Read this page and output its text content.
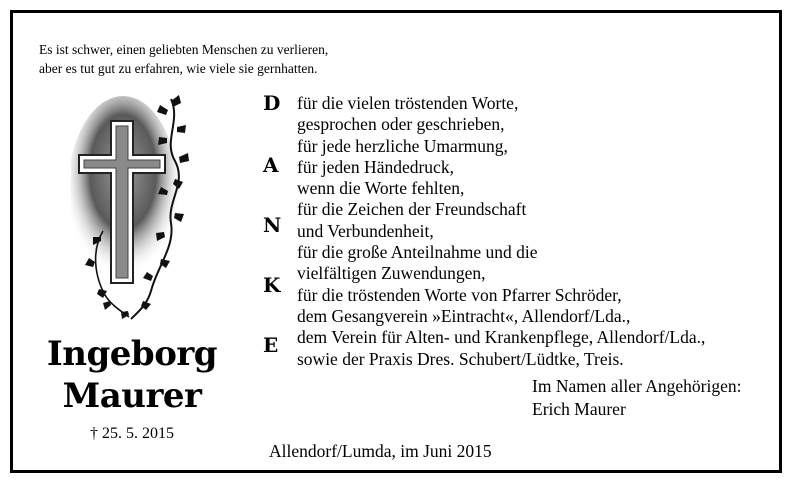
Es ist schwer, einen geliebten Menschen zu verlieren,
aber es tut gut zu erfahren, wie viele sie gernhatten.
Ingeborg
Maurer
† 25. 5. 2015
D
A
N
K
E
für die vielen tröstenden Worte,
gesprochen oder geschrieben,
für jede herzliche Umarmung,
für jeden Händedruck,
wenn die Worte fehlten,
für die Zeichen der Freundschaft
und Verbundenheit,
für die große Anteilnahme und die
vielfältigen Zuwendungen,
für die tröstenden Worte von Pfarrer Schröder,
dem Gesangverein »Eintracht«, Allendorf/Lda.,
dem Verein für Alten- und Krankenpflege, Allendorf/Lda.,
sowie der Praxis Dres. Schubert/Lüdtke, Treis.
Im Namen aller Angehörigen:
Erich Maurer
Allendorf/Lumda, im Juni 2015
